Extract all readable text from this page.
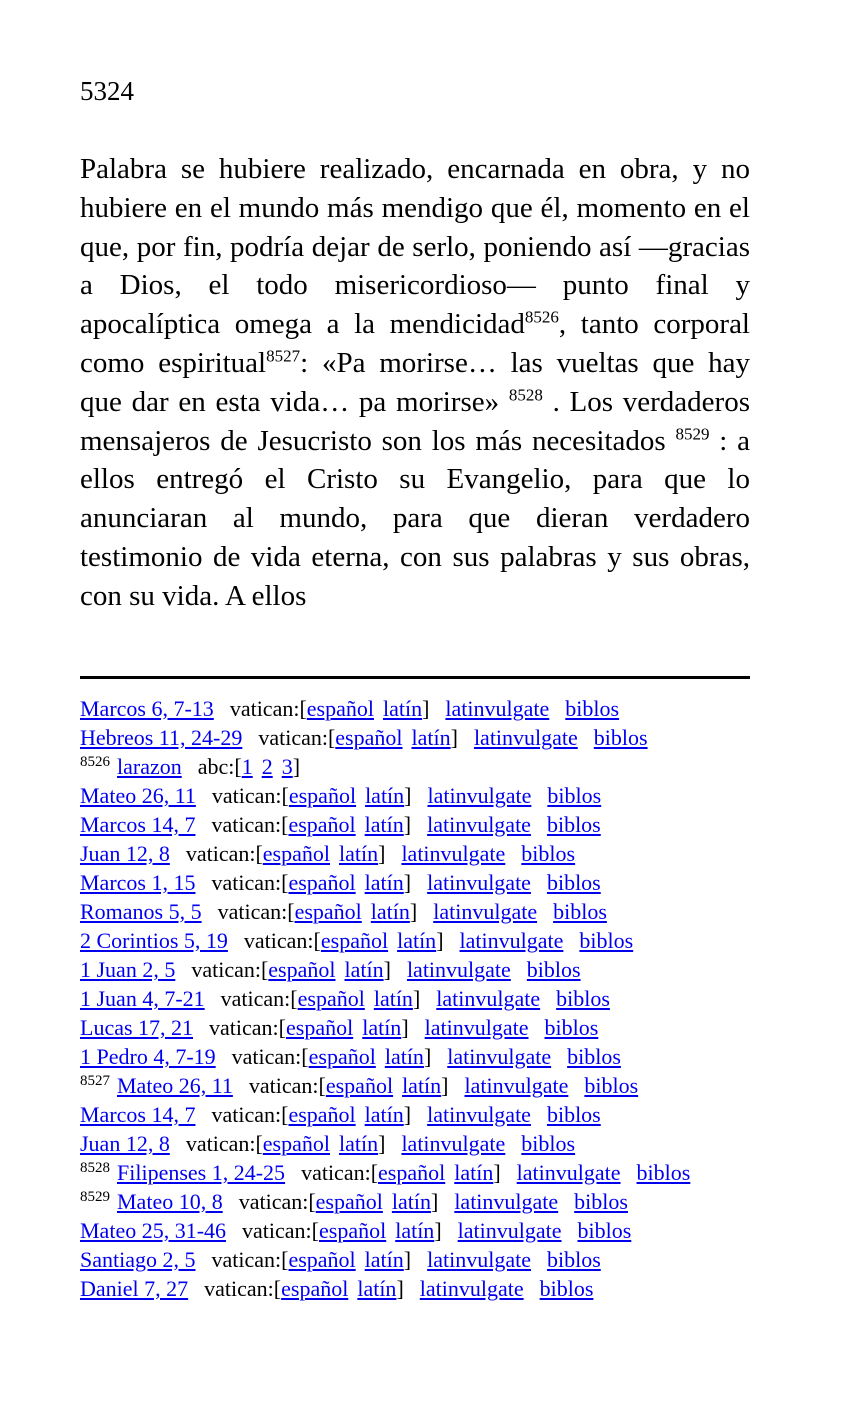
5324

Palabra se hubiere realizado, encarnada en obra, y no hubiere en el mundo más mendigo que él, momento en el que, por fin, podría dejar de serlo, poniendo así —gracias a Dios, el todo misericordioso— punto final y apocalíptica omega a la mendicidad$^{8526}$, tanto corporal como espiritual$^{8527}$: «Pa morirse… las vueltas que hay que dar en esta vida… pa morirse» $^{8528}$ . Los verdaderos mensajeros de Jesucristo son los más necesitados $^{8529}$ : a ellos entregó el Cristo su Evangelio, para que lo anunciaran al mundo, para que dieran verdadero testimonio de vida eterna, con sus palabras y sus obras, con su vida. A ellos

Marcos 6, 7-13 vatican:[español latín] latinvulgate biblos
Hebreos 11, 24-29 vatican:[español latín] latinvulgate biblos
$^{8526}$ larazon abc:[1 2 3]
Mateo 26, 11 vatican:[español latín] latinvulgate biblos
Marcos 14, 7 vatican:[español latín] latinvulgate biblos
Juan 12, 8 vatican:[español latín] latinvulgate biblos
Marcos 1, 15 vatican:[español latín] latinvulgate biblos
Romanos 5, 5 vatican:[español latín] latinvulgate biblos
2 Corintios 5, 19 vatican:[español latín] latinvulgate biblos
1 Juan 2, 5 vatican:[español latín] latinvulgate biblos
1 Juan 4, 7-21 vatican:[español latín] latinvulgate biblos
Lucas 17, 21 vatican:[español latín] latinvulgate biblos
1 Pedro 4, 7-19 vatican:[español latín] latinvulgate biblos
$^{8527}$ Mateo 26, 11 vatican:[español latín] latinvulgate biblos
Marcos 14, 7 vatican:[español latín] latinvulgate biblos
Juan 12, 8 vatican:[español latín] latinvulgate biblos
$^{8528}$ Filipenses 1, 24-25 vatican:[español latín] latinvulgate biblos
$^{8529}$ Mateo 10, 8 vatican:[español latín] latinvulgate biblos
Mateo 25, 31-46 vatican:[español latín] latinvulgate biblos
Santiago 2, 5 vatican:[español latín] latinvulgate biblos
Daniel 7, 27 vatican:[español latín] latinvulgate biblos
